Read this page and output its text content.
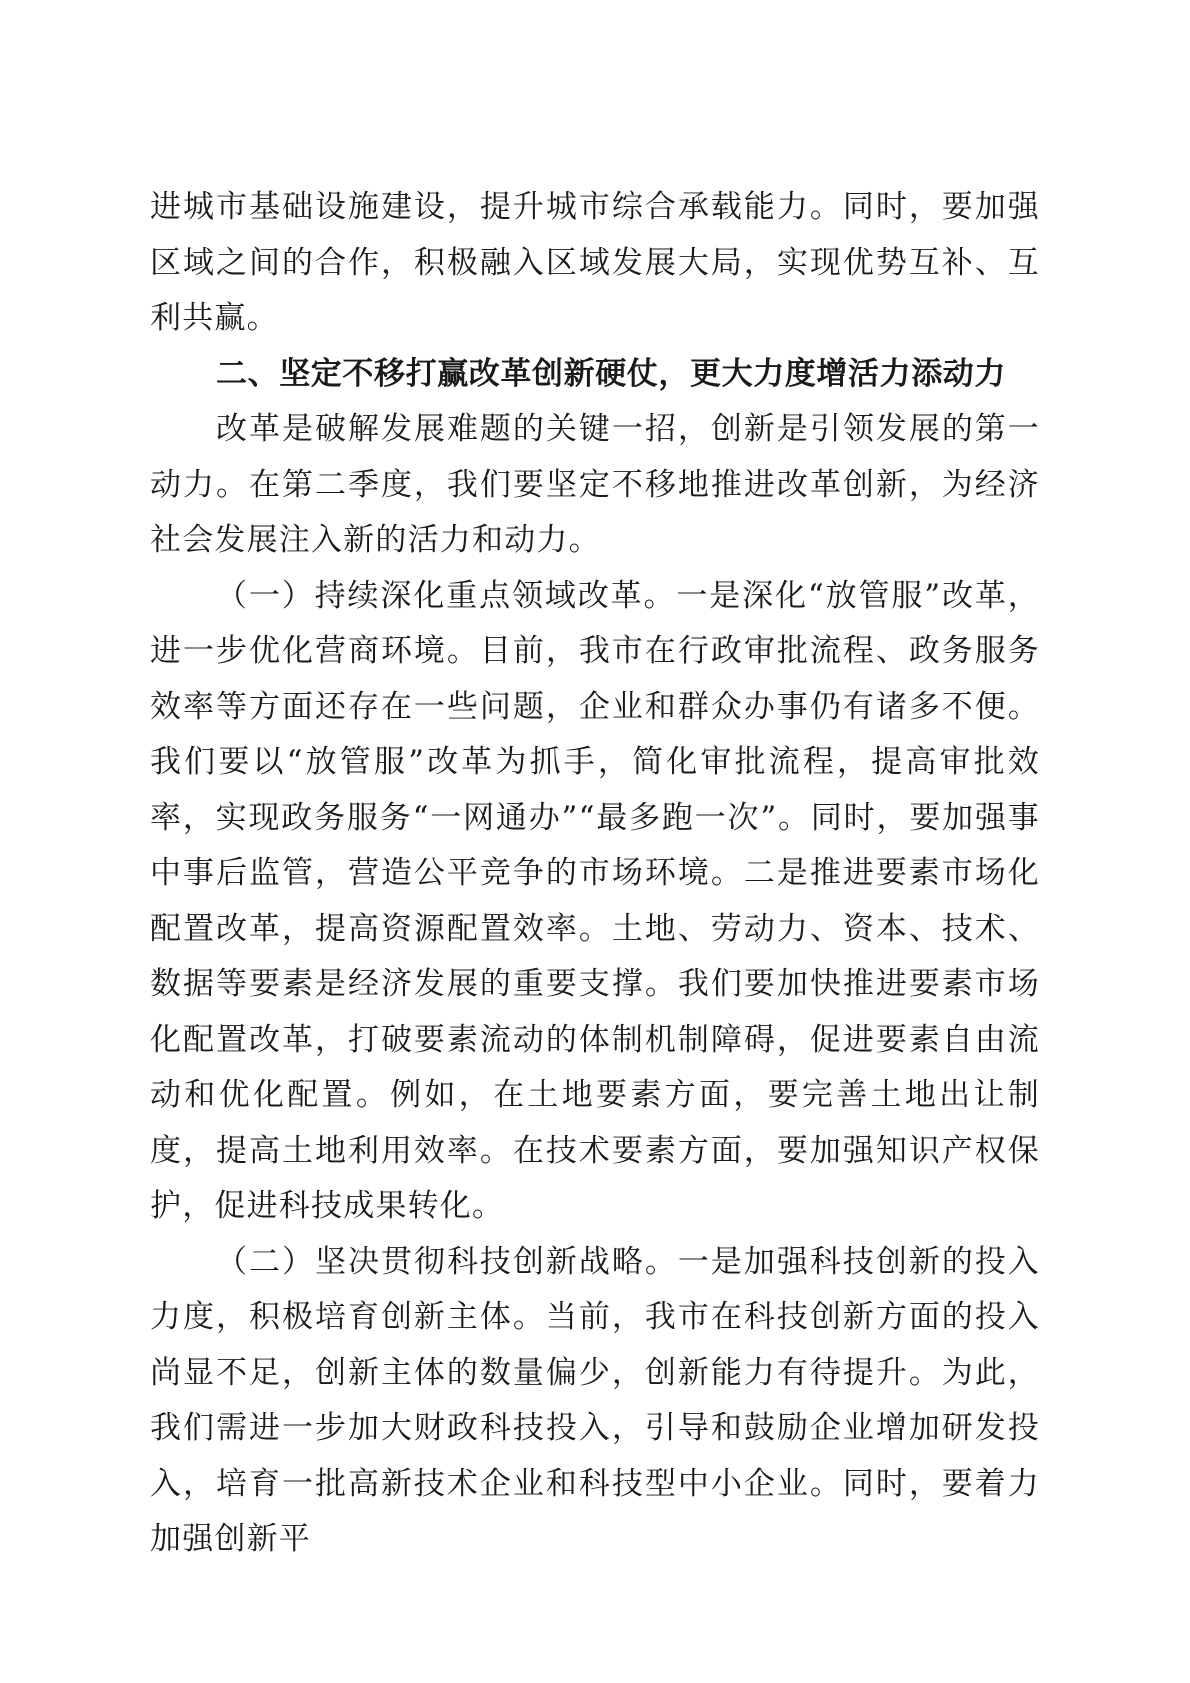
进城市基础设施建设，提升城市综合承载能力。同时，要加强区域之间的合作，积极融入区域发展大局，实现优势互补、互利共赢。

二、坚定不移打赢改革创新硬仗，更大力度增活力添动力

改革是破解发展难题的关键一招，创新是引领发展的第一动力。在第二季度，我们要坚定不移地推进改革创新，为经济社会发展注入新的活力和动力。

（一）持续深化重点领域改革。一是深化“放管服”改革，进一步优化营商环境。目前，我市在行政审批流程、政务服务效率等方面还存在一些问题，企业和群众办事仍有诸多不便。我们要以“放管服”改革为抓手，简化审批流程，提高审批效率，实现政务服务“一网通办”“最多跑一次”。同时，要加强事中事后监管，营造公平竞争的市场环境。二是推进要素市场化配置改革，提高资源配置效率。土地、劳动力、资本、技术、数据等要素是经济发展的重要支撑。我们要加快推进要素市场化配置改革，打破要素流动的体制机制障碍，促进要素自由流动和优化配置。例如，在土地要素方面，要完善土地出让制度，提高土地利用效率。在技术要素方面，要加强知识产权保护，促进科技成果转化。

（二）坚决贯彻科技创新战略。一是加强科技创新的投入力度，积极培育创新主体。当前，我市在科技创新方面的投入尚显不足，创新主体的数量偏少，创新能力有待提升。为此，我们需进一步加大财政科技投入，引导和鼓励企业增加研发投入，培育一批高新技术企业和科技型中小企业。同时，要着力加强创新平
